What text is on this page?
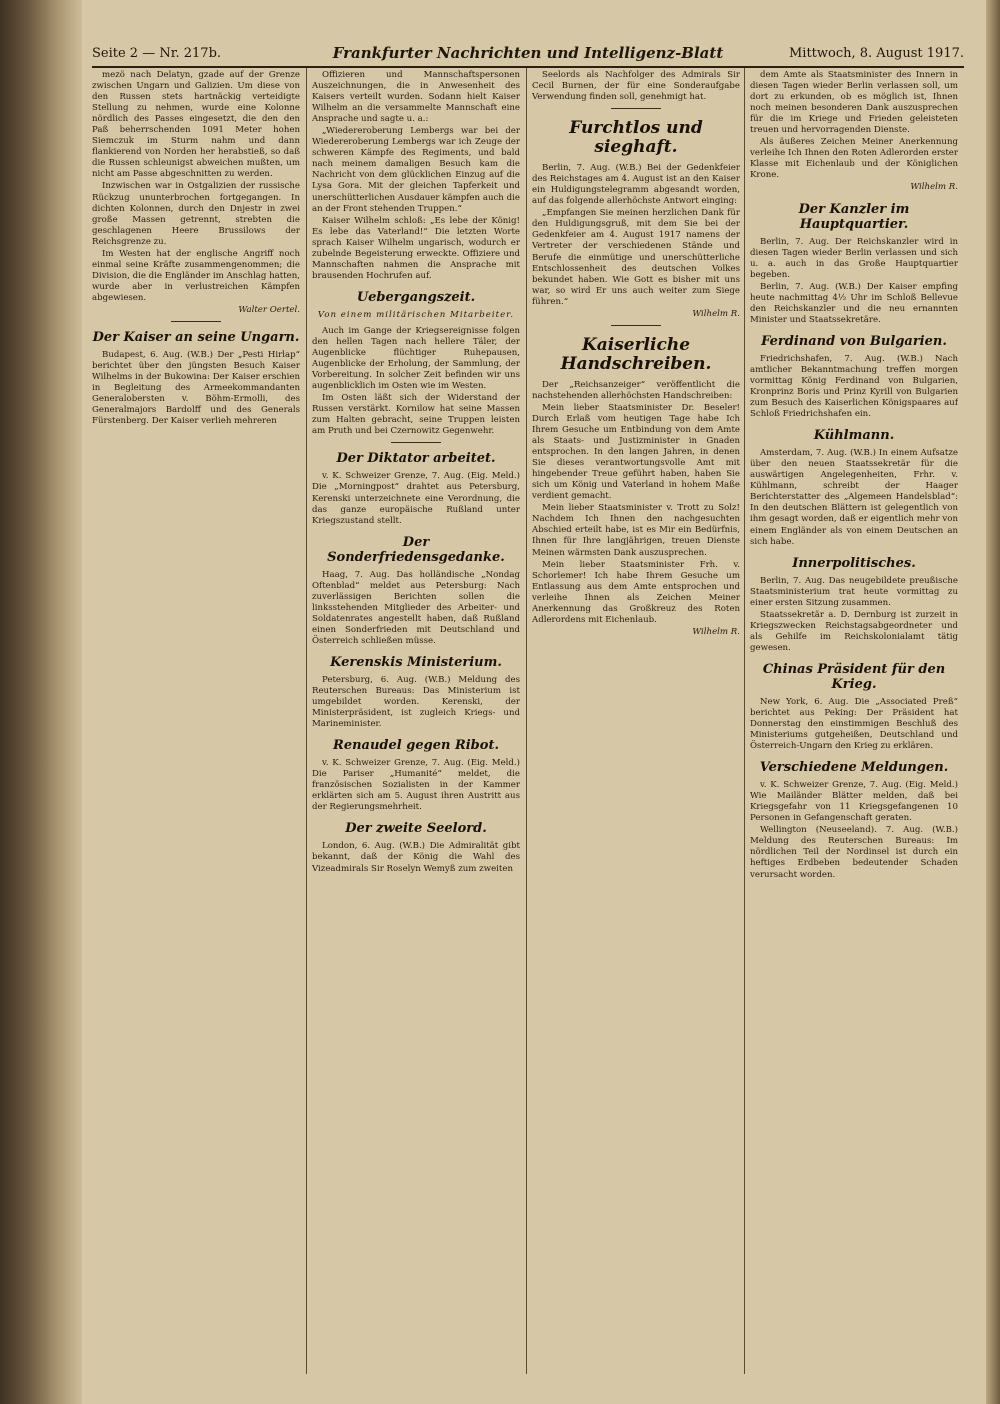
Seite 2 — Nr. 217b.	Frankfurter Nachrichten und Intelligenz-Blatt	Mittwoch, 8. August 1917.

mezö nach Delatyn, gzade auf der Grenze zwischen Ungarn und Galizien. Um diese von den Russen stets hartnäckig verteidigte Stellung zu nehmen, wurde eine Kolonne nördlich des Passes eingesetzt, die den den Paß beherrschenden 1091 Meter hohen Siemczuk im Sturm nahm und dann flankierend von Norden her herabstieß, so daß die Russen schleunigst abweichen mußten, um nicht am Passe abgeschnitten zu werden.

Inzwischen war in Ostgalizien der russische Rückzug ununterbrochen fortgegangen. In dichten Kolonnen, durch den Dnjestr in zwei große Massen getrennt, strebten die geschlagenen Heere Brussilows der Reichsgrenze zu.

Im Westen hat der englische Angriff noch einmal seine Kräfte zusammengenommen; die Division, die die Engländer im Anschlag hatten, wurde aber in verlustreichen Kämpfen abgewiesen.

Walter Oertel.
Der Kaiser an seine Ungarn.

Budapest, 6. Aug. (W.B.) Der „Pesti Hirlap“ berichtet über den jüngsten Besuch Kaiser Wilhelms in der Bukowina: Der Kaiser erschien in Begleitung des Armeekommandanten Generalobersten v. Böhm-Ermolli, des Generalmajors Bardolff und des Generals Fürstenberg. Der Kaiser verlieh mehreren

Offizieren und Mannschaftspersonen Auszeichnungen, die in Anwesenheit des Kaisers verteilt wurden. Sodann hielt Kaiser Wilhelm an die versammelte Mannschaft eine Ansprache und sagte u. a.:

„Wiedereroberung Lembergs war bei der Wiedereroberung Lembergs war ich Zeuge der schweren Kämpfe des Regiments, und bald nach meinem damaligen Besuch kam die Nachricht von dem glücklichen Einzug auf die Lysa Gora. Mit der gleichen Tapferkeit und unerschütterlichen Ausdauer kämpfen auch die an der Front stehenden Truppen.“

Kaiser Wilhelm schloß: „Es lebe der König! Es lebe das Vaterland!“ Die letzten Worte sprach Kaiser Wilhelm ungarisch, wodurch er zubelnde Begeisterung erweckte. Offiziere und Mannschaften nahmen die Ansprache mit brausenden Hochrufen auf.

Uebergangszeit.
Von einem militärischen Mitarbeiter.

Auch im Gange der Kriegsereignisse folgen den hellen Tagen nach hellere Täler, der Augenblicke flüchtiger Ruhepausen, Augenblicke der Erholung, der Sammlung, der Vorbereitung. In solcher Zeit befinden wir uns augenblicklich im Osten wie im Westen.

Im Osten läßt sich der Widerstand der Russen verstärkt. Kornilow hat seine Massen zum Halten gebracht, seine Truppen leisten am Pruth und bei Czernowitz Gegenwehr.

Der Diktator arbeitet.

v. K. Schweizer Grenze, 7. Aug. (Eig. Meld.) Die „Morningpost“ drahtet aus Petersburg, Kerenski unterzeichnete eine Verordnung, die das ganze europäische Rußland unter Kriegszustand stellt.

Der Sonderfriedensgedanke.

Haag, 7. Aug. Das holländische „Nondag Oftenblad“ meldet aus Petersburg: Nach zuverlässigen Berichten sollen die linksstehenden Mitglieder des Arbeiter- und Soldatenrates angestellt haben, daß Rußland einen Sonderfrieden mit Deutschland und Österreich schließen müsse.

Kerenskis Ministerium.

Petersburg, 6. Aug. (W.B.) Meldung des Reuterschen Bureaus: Das Ministerium ist umgebildet worden. Kerenski, der Ministerpräsident, ist zugleich Kriegs- und Marineminister.

Renaudel gegen Ribot.

v. K. Schweizer Grenze, 7. Aug. (Eig. Meld.) Die Pariser „Humanité“ meldet, die französischen Sozialisten in der Kammer erklärten sich am 5. August ihren Austritt aus der Regierungsmehrheit.

Der zweite Seelord.

London, 6. Aug. (W.B.) Die Admiralität gibt bekannt, daß der König die Wahl des Vizeadmirals Sir Roselyn Wemyß zum zweiten

Seelords als Nachfolger des Admirals Sir Cecil Burnen, der für eine Sonderaufgabe Verwendung finden soll, genehmigt hat.

Furchtlos und sieghaft.

Berlin, 7. Aug. (W.B.) Bei der Gedenkfeier des Reichstages am 4. August ist an den Kaiser ein Huldigungstelegramm abgesandt worden, auf das folgende allerhöchste Antwort einging:

„Empfangen Sie meinen herzlichen Dank für den Huldigungsgruß, mit dem Sie bei der Gedenkfeier am 4. August 1917 namens der Vertreter der verschiedenen Stände und Berufe die einmütige und unerschütterliche Entschlossenheit des deutschen Volkes bekundet haben. Wie Gott es bisher mit uns war, so wird Er uns auch weiter zum Siege führen.“

Wilhelm R.
Kaiserliche Handschreiben.

Der „Reichsanzeiger“ veröffentlicht die nachstehenden allerhöchsten Handschreiben:

Mein lieber Staatsminister Dr. Beseler! Durch Erlaß vom heutigen Tage habe Ich Ihrem Gesuche um Entbindung von dem Amte als Staats- und Justizminister in Gnaden entsprochen. In den langen Jahren, in denen Sie dieses verantwortungsvolle Amt mit hingebender Treue geführt haben, haben Sie sich um König und Vaterland in hohem Maße verdient gemacht.

Mein lieber Staatsminister v. Trott zu Solz! Nachdem Ich Ihnen den nachgesuchten Abschied erteilt habe, ist es Mir ein Bedürfnis, Ihnen für Ihre langjährigen, treuen Dienste Meinen wärmsten Dank auszusprechen.

Mein lieber Staatsminister Frh. v. Schorlemer! Ich habe Ihrem Gesuche um Entlassung aus dem Amte entsprochen und verleihe Ihnen als Zeichen Meiner Anerkennung das Großkreuz des Roten Adlerordens mit Eichenlaub.

Wilhelm R.

dem Amte als Staatsminister des Innern in diesen Tagen wieder Berlin verlassen soll, um dort zu erkunden, ob es möglich ist, Ihnen noch meinen besonderen Dank auszusprechen für die im Kriege und Frieden geleisteten treuen und hervorragenden Dienste.

Als äußeres Zeichen Meiner Anerkennung verleihe Ich Ihnen den Roten Adlerorden erster Klasse mit Eichenlaub und der Königlichen Krone.

Wilhelm R.
Der Kanzler im Hauptquartier.

Berlin, 7. Aug. Der Reichskanzler wird in diesen Tagen wieder Berlin verlassen und sich u. a. auch in das Große Hauptquartier begeben.

Berlin, 7. Aug. (W.B.) Der Kaiser empfing heute nachmittag 4½ Uhr im Schloß Bellevue den Reichskanzler und die neu ernannten Minister und Staatssekretäre.

Ferdinand von Bulgarien.

Friedrichshafen, 7. Aug. (W.B.) Nach amtlicher Bekanntmachung treffen morgen vormittag König Ferdinand von Bulgarien, Kronprinz Boris und Prinz Kyrill von Bulgarien zum Besuch des Kaiserlichen Königspaares auf Schloß Friedrichshafen ein.

Kühlmann.

Amsterdam, 7. Aug. (W.B.) In einem Aufsatze über den neuen Staatssekretär für die auswärtigen Angelegenheiten, Frhr. v. Kühlmann, schreibt der Haager Berichterstatter des „Algemeen Handelsblad“: In den deutschen Blättern ist gelegentlich von ihm gesagt worden, daß er eigentlich mehr von einem Engländer als von einem Deutschen an sich habe.

Innerpolitisches.

Berlin, 7. Aug. Das neugebildete preußische Staatsministerium trat heute vormittag zu einer ersten Sitzung zusammen.

Staatssekretär a. D. Dernburg ist zurzeit in Kriegszwecken Reichstagsabgeordneter und als Gehilfe im Reichskolonialamt tätig gewesen.

Chinas Präsident für den Krieg.

New York, 6. Aug. Die „Associated Preß“ berichtet aus Peking: Der Präsident hat Donnerstag den einstimmigen Beschluß des Ministeriums gutgeheißen, Deutschland und Österreich-Ungarn den Krieg zu erklären.

Verschiedene Meldungen.

v. K. Schweizer Grenze, 7. Aug. (Eig. Meld.) Wie Mailänder Blätter melden, daß bei Kriegsgefahr von 11 Kriegsgefangenen 10 Personen in Gefangenschaft geraten.

Wellington (Neuseeland). 7. Aug. (W.B.) Meldung des Reuterschen Bureaus: Im nördlichen Teil der Nordinsel ist durch ein heftiges Erdbeben bedeutender Schaden verursacht worden.
